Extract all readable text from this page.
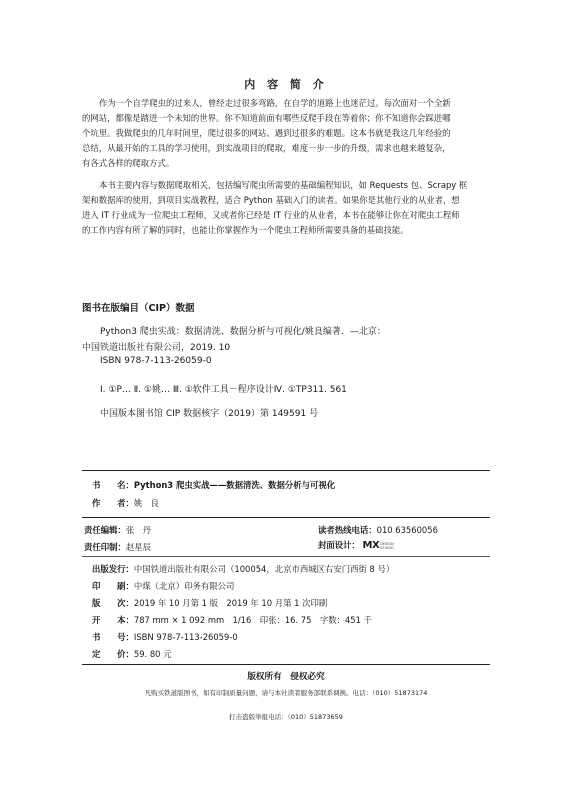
内 容 简 介
作为一个自学爬虫的过来人，曾经走过很多弯路，在自学的道路上也迷茫过。每次面对一个全新
的网站，都像是踏进一个未知的世界。你不知道前面有哪些反爬手段在等着你；你不知道你会踩进哪
个坑里。我做爬虫的几年时间里，爬过很多的网站、遇到过很多的难题。这本书就是我这几年经验的
总结，从最开始的工具的学习使用，到实战项目的爬取，难度一步一步的升级，需求也越来越复杂，
有各式各样的爬取方式。
本书主要内容与数据爬取相关，包括编写爬虫所需要的基础编程知识，如 Requests 包、Scrapy 框
架和数据库的使用，到项目实战教程，适合 Python 基础入门的读者。如果你是其他行业的从业者，想
进入 IT 行业成为一位爬虫工程师，又或者你已经是 IT 行业的从业者，本书在能够让你在对爬虫工程师
的工作内容有所了解的同时，也能让你掌握作为一个爬虫工程师所需要具备的基础技能。
图书在版编目（CIP）数据
Python3 爬虫实战：数据清洗、数据分析与可视化/姚良编著．—北京：
中国铁道出版社有限公司，2019. 10
ISBN 978-7-113-26059-0
Ⅰ. ①P… Ⅱ. ①姚… Ⅲ. ①软件工具－程序设计Ⅳ. ①TP311. 561
中国版本图书馆 CIP 数据核字（2019）第 149591 号
书　　名：Python3 爬虫实战——数据清洗、数据分析与可视化
作　　者：姚　良
责任编辑：张　丹	读者热线电话：010 63560056
责任印制：赵星辰	封面设计： MXDESIGN
STUDIO
出版发行：中国铁道出版社有限公司（100054，北京市西城区右安门西街 8 号）
印　　刷：中煤（北京）印务有限公司
版　　次：2019 年 10 月第 1 版　2019 年 10 月第 1 次印刷
开　　本：787 mm × 1 092 mm　1/16　印张：16. 75　字数：451 千
书　　号：ISBN 978-7-113-26059-0
定　　价：59. 80 元
版权所有　侵权必究
凡购买铁道版图书，如有印制质量问题，请与本社读者服务部联系调换。电话：（010）51873174
打击盗版举报电话：（010）51873659
